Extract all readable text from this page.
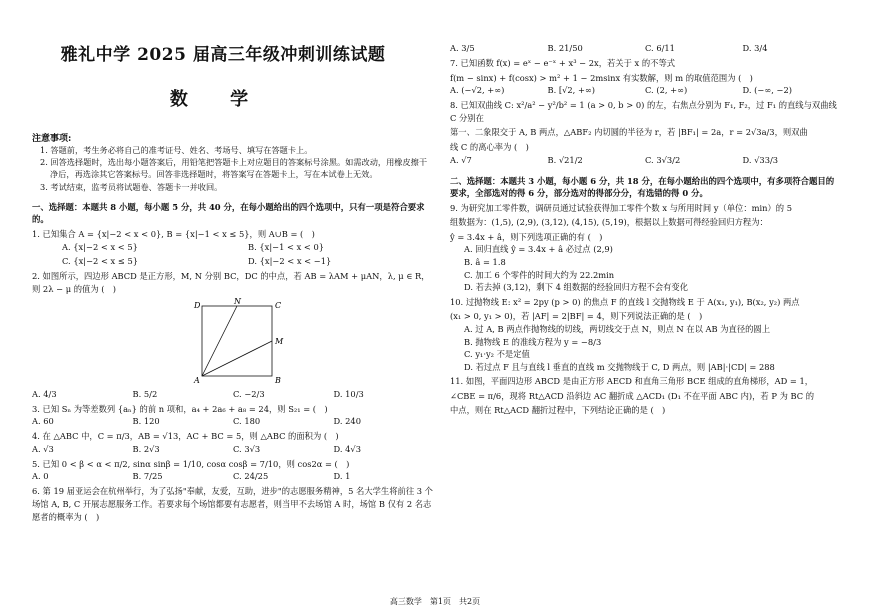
雅礼中学 2025 届高三年级冲刺训练试题
数 学
注意事项:
1. 答题前，考生务必将自己的准考证号、姓名、考场号、填写在答题卡上。
2. 回答选择题时，选出每小题答案后，用铅笔把答题卡上对应题目的答案标号涂黑。如需改动，用橡皮擦干净后，再选涂其它答案标号。回答非选择题时，将答案写在答题卡上，写在本试卷上无效。
3. 考试结束，监考员将试题卷、答题卡一并收回。
一、选择题：本题共 8 小题，每小题 5 分，共 40 分，在每小题给出的四个选项中，只有一项是符合要求的。
1. 已知集合 A = {x|−2 < x < 0}, B = {x|−1 < x ≤ 5}，则 A∪B = (　)
A. {x|−2 < x < 5}	B. {x|−1 < x < 0}
C. {x|−2 < x ≤ 5}	D. {x|−2 < x < −1}
2. 如图所示，四边形 ABCD 是正方形，M, N 分别 BC，DC 的中点，若 AB = λAM + μAN，λ, μ ∈ R，则 2λ − μ 的值为 (　)
D	N	C
M
A	B
A. 4/3	B. 5/2	C. −2/3	D. 10/3
3. 已知 Sₙ 为等差数列 {aₙ} 的前 n 项和，a₄ + 2a₆ + a₈ = 24，则 S₂₁ = (　)
A. 60	B. 120	C. 180	D. 240
4. 在 △ABC 中，C = π/3，AB = √13，AC + BC = 5，则 △ABC 的面积为 (　)
A. √3	B. 2√3	C. 3√3	D. 4√3
5. 已知 0 < β < α < π/2, sinα sinβ = 1/10, cosα cosβ = 7/10，则 cos2α = (　)
A. 0	B. 7/25	C. 24/25	D. 1
6. 第 19 届亚运会在杭州举行，为了弘扬"奉献，友爱，互助，进步"的志愿服务精神，5 名大学生将前往 3 个场馆 A, B, C 开展志愿服务工作。若要求每个场馆都要有志愿者，则当甲不去场馆 A 时，场馆 B 仅有 2 名志愿者的概率为 (　)
A. 3/5	B. 21/50	C. 6/11	D. 3/4
7. 已知函数 f(x) = eˣ − e⁻ˣ + x³ − 2x，若关于 x 的不等式
f(m − sinx) + f(cosx) > m² + 1 − 2msinx 有实数解，则 m 的取值范围为 (　)
A. (−√2, +∞)	B. [√2, +∞)	C. (2, +∞)	D. (−∞, −2)
8. 已知双曲线 C: x²/a² − y²/b² = 1 (a > 0, b > 0) 的左，右焦点分别为 F₁, F₂，过 F₁ 的直线与双曲线 C 分别在
第一、二象限交于 A, B 两点，△ABF₂ 内切圆的半径为 r，若 |BF₁| = 2a，r = 2√3a/3，则双曲
线 C 的离心率为 (　)
A. √7	B. √21/2	C. 3√3/2	D. √33/3
二、选择题：本题共 3 小题，每小题 6 分，共 18 分，在每小题给出的四个选项中，有多项符合题目的要求，全部选对的得 6 分，部分选对的得部分分，有选错的得 0 分。
9. 为研究加工零件数，调研员通过试验获得加工零件个数 x 与所用时间 y（单位：min）的 5
组数据为：(1,5), (2,9), (3,12), (4,15), (5,19)，根据以上数据可得经验回归方程为：
ŷ = 3.4x + â，则下列选项正确的有 (　)
A. 回归直线 ŷ = 3.4x + â 必过点 (2,9)
B. â = 1.8
C. 加工 6 个零件的时间大约为 22.2min
D. 若去掉 (3,12)，剩下 4 组数据的经验回归方程不会有变化
10. 过抛物线 E: x² = 2py (p > 0) 的焦点 F 的直线 l 交抛物线 E 于 A(x₁, y₁), B(x₂, y₂) 两点
(x₁ > 0, y₁ > 0)，若 |AF| = 2|BF| = 4，则下列说法正确的是 (　)
A. 过 A, B 两点作抛物线的切线，两切线交于点 N，则点 N 在以 AB 为直径的圆上
B. 抛物线 E 的准线方程为 y = −8/3
C. y₁·y₂ 不是定值
D. 若过点 F 且与直线 l 垂直的直线 m 交抛物线于 C, D 两点，则 |AB|·|CD| = 288
11. 如图，平面四边形 ABCD 是由正方形 AECD 和直角三角形 BCE 组成的直角梯形，AD = 1，
∠CBE = π/6，现将 Rt△ACD 沿斜边 AC 翻折成 △ACD₁ (D₁ 不在平面 ABC 内)，若 P 为 BC 的
中点，则在 Rt△ACD 翻折过程中，下列结论正确的是 (　)
高三数学　第1页　共2页
